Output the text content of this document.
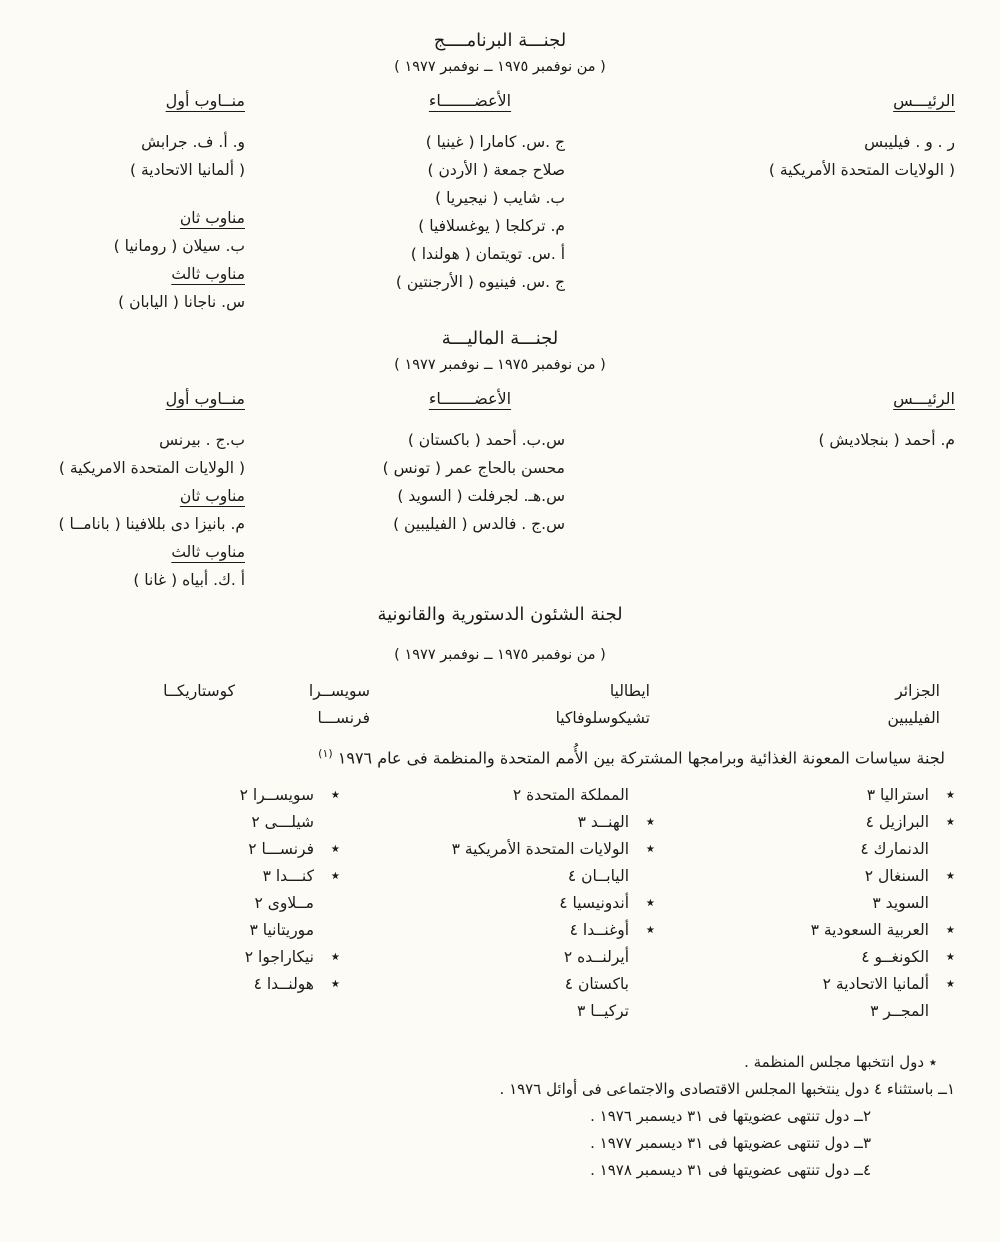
لجنـــة البرنامــــج
( من نوفمبر ١٩٧٥ ــ نوفمبر ١٩٧٧ )
الرئيـــس
ر . و . فيليبس
( الولايات المتحدة الأمريكية )
الأعضـــــــاء
ج .س. كامارا ( غينيا )
صلاح جمعة ( الأردن )
ب. شايب ( نيجيريا )
م. تركلجا ( يوغسلافيا )
أ .س. تويتمان ( هولندا )
ج .س. فينيوه ( الأرجنتين )
منــاوب أول
و. أ. ف. جرابش
( ألمانيا الاتحادية )
مناوب ثان
ب. سيلان ( رومانيا )
مناوب ثالث
س. ناجانا ( اليابان )
لجنـــة الماليـــة
( من نوفمبر ١٩٧٥ ــ نوفمبر ١٩٧٧ )
الرئيـــس
م. أحمد ( بنجلاديش )
الأعضـــــــاء
س.ب. أحمد ( باكستان )
محسن بالحاج عمر ( تونس )
س.هـ. لجرفلت ( السويد )
س.ج . فالدس ( الفيليبين )
منــاوب أول
ب.ج . بيرنس
( الولايات المتحدة الامريكية )
مناوب ثان
م. بانيزا دى بللافينا ( بانامــا )
مناوب ثالث
أ .ك. أبياه ( غانا )
لجنة الشئون الدستورية والقانونية
( من نوفمبر ١٩٧٥ ــ نوفمبر ١٩٧٧ )
الجزائر
الفيليبين
ايطاليا
تشيكوسلوفاكيا
سويســرا
فرنســـا
كوستاريكــا
لجنة سياسات المعونة الغذائية وبرامجها المشتركة بين الأُمم المتحدة والمنظمة فى عام ١٩٧٦ $^{(١)}$
٭
استراليا ٣
٭
البرازيل ٤
الدنمارك ٤
٭
السنغال ٢
السويد ٣
٭
العربية السعودية ٣
٭
الكونغــو ٤
٭
ألمانيا الاتحادية ٢
المجــر ٣
المملكة المتحدة ٢
٭
الهنــد ٣
٭
الولايات المتحدة الأمريكية ٣
اليابــان ٤
٭
أندونيسيا ٤
٭
أوغنــدا ٤
أيرلنــده ٢
باكستان ٤
تركيــا ٣
٭
سويســرا ٢
شيلـــى ٢
٭
فرنســـا ٢
٭
كنـــدا ٣
مــلاوى ٢
موريتانيا ٣
٭
نيكاراجوا ٢
٭
هولنــدا ٤
٭ دول انتخبها مجلس المنظمة .
١ــ باستثناء ٤ دول ينتخبها المجلس الاقتصادى والاجتماعى فى أوائل ١٩٧٦ .
٢ــ دول تنتهى عضويتها فى ٣١ ديسمبر ١٩٧٦ .
٣ــ دول تنتهى عضويتها فى ٣١ ديسمبر ١٩٧٧ .
٤ــ دول تنتهى عضويتها فى ٣١ ديسمبر ١٩٧٨ .
